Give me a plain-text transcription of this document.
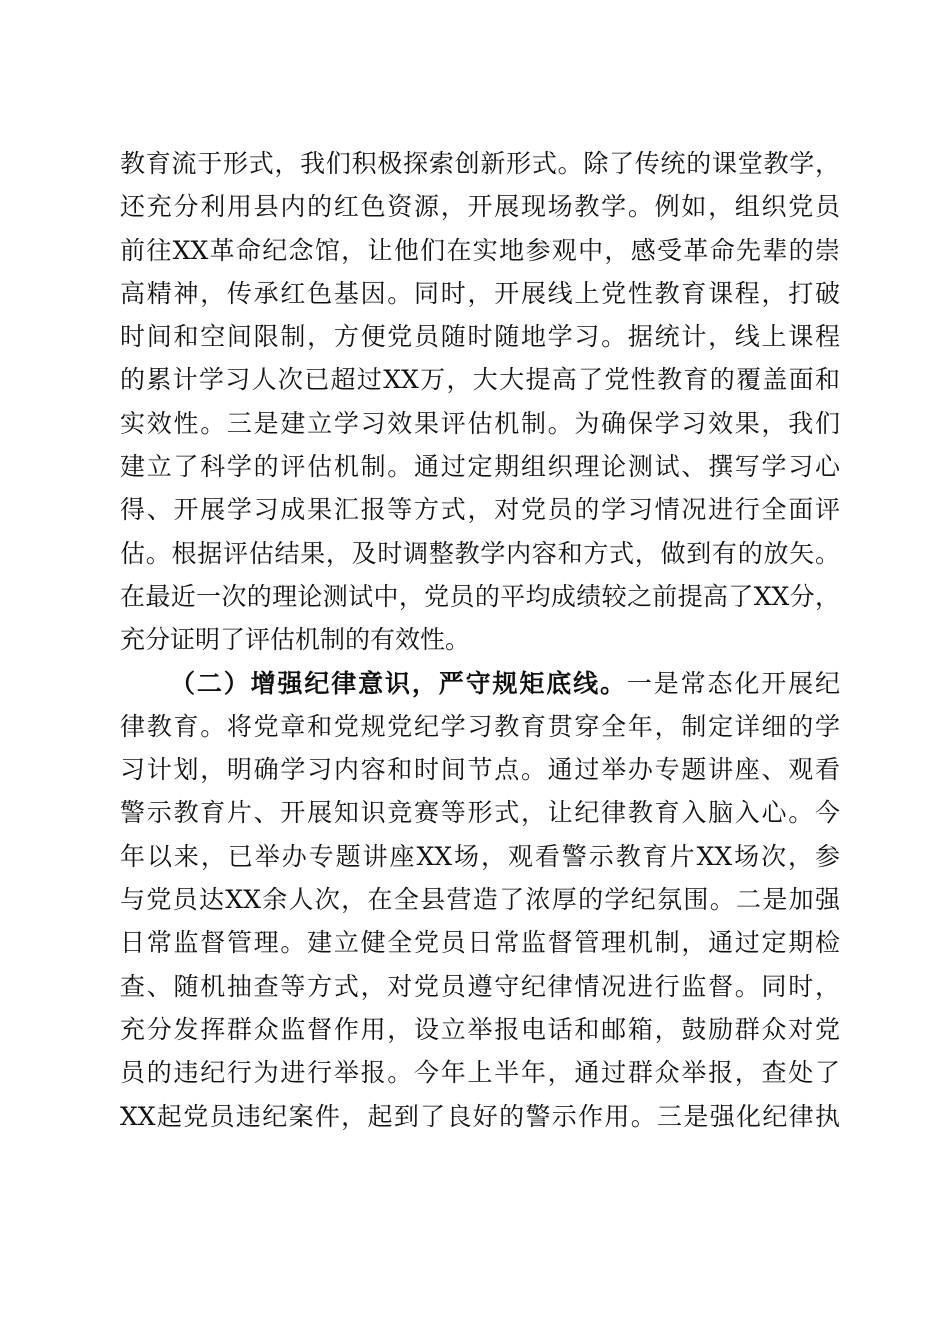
教育流于形式，我们积极探索创新形式。除了传统的课堂教学，
还充分利用县内的红色资源，开展现场教学。例如，组织党员
前往XX革命纪念馆，让他们在实地参观中，感受革命先辈的崇
高精神，传承红色基因。同时，开展线上党性教育课程，打破
时间和空间限制，方便党员随时随地学习。据统计，线上课程
的累计学习人次已超过XX万，大大提高了党性教育的覆盖面和
实效性。三是建立学习效果评估机制。为确保学习效果，我们
建立了科学的评估机制。通过定期组织理论测试、撰写学习心
得、开展学习成果汇报等方式，对党员的学习情况进行全面评
估。根据评估结果，及时调整教学内容和方式，做到有的放矢。
在最近一次的理论测试中，党员的平均成绩较之前提高了XX分，
充分证明了评估机制的有效性。
（二）增强纪律意识，严守规矩底线。一是常态化开展纪
律教育。将党章和党规党纪学习教育贯穿全年，制定详细的学
习计划，明确学习内容和时间节点。通过举办专题讲座、观看
警示教育片、开展知识竞赛等形式，让纪律教育入脑入心。今
年以来，已举办专题讲座XX场，观看警示教育片XX场次，参
与党员达XX余人次，在全县营造了浓厚的学纪氛围。二是加强
日常监督管理。建立健全党员日常监督管理机制，通过定期检
查、随机抽查等方式，对党员遵守纪律情况进行监督。同时，
充分发挥群众监督作用，设立举报电话和邮箱，鼓励群众对党
员的违纪行为进行举报。今年上半年，通过群众举报，查处了
XX起党员违纪案件，起到了良好的警示作用。三是强化纪律执
